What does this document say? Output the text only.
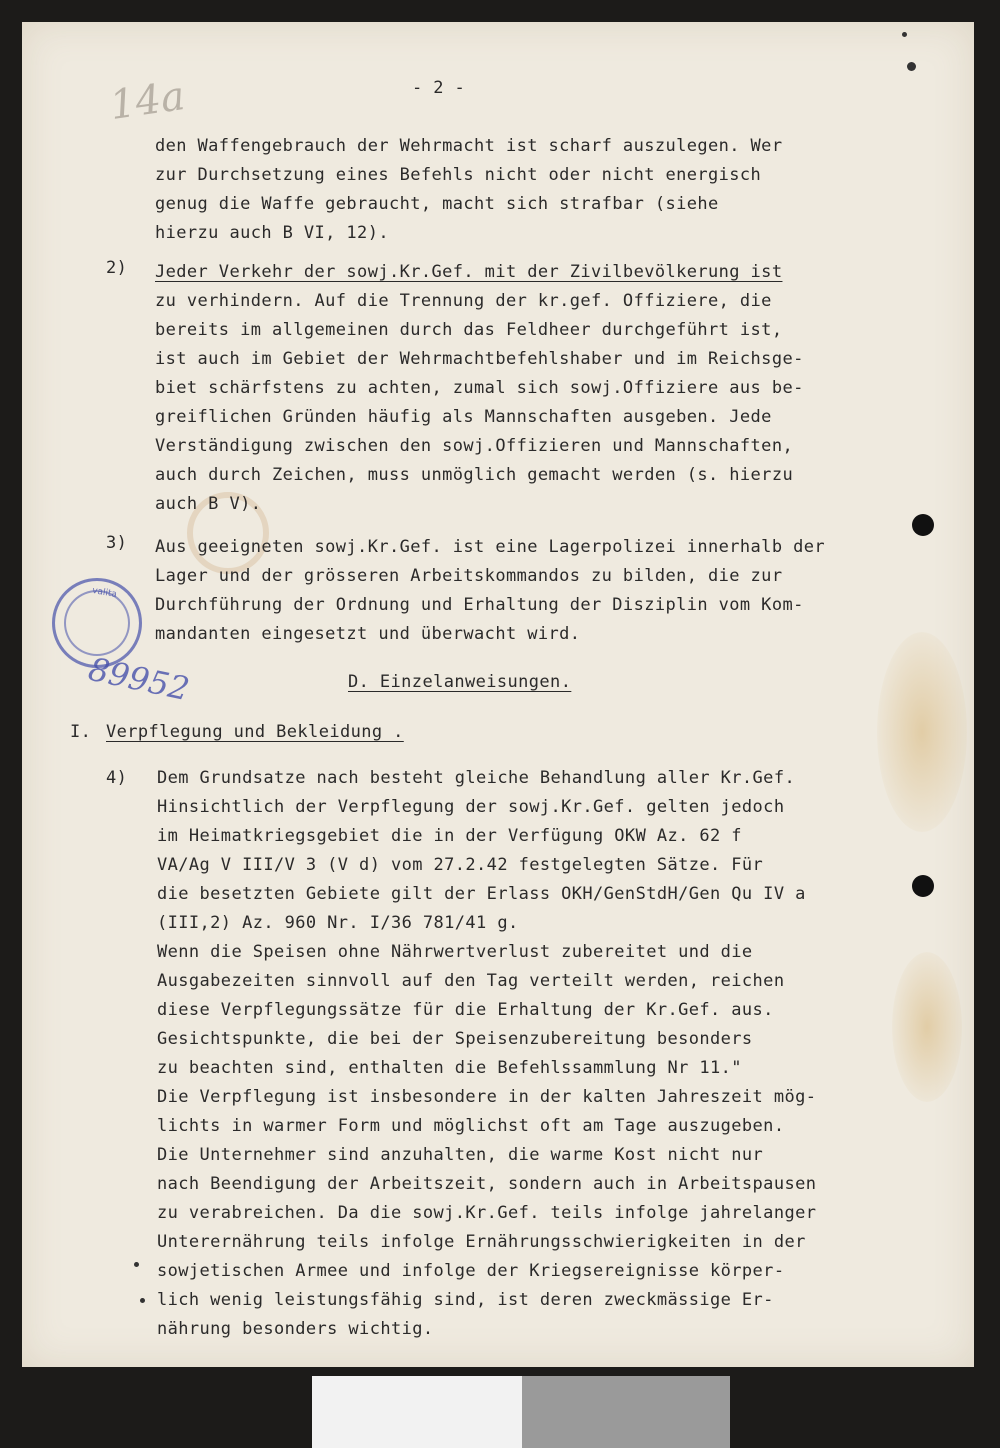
14a
valita
89952
- 2 -
den Waffengebrauch der Wehrmacht ist scharf auszulegen. Wer
zur Durchsetzung eines Befehls nicht oder nicht energisch
genug die Waffe gebraucht, macht sich strafbar (siehe
hierzu auch B VI, 12).
2) Jeder Verkehr der sowj.Kr.Gef. mit der Zivilbevölkerung ist
zu verhindern. Auf die Trennung der kr.gef. Offiziere, die
bereits im allgemeinen durch das Feldheer durchgeführt ist,
ist auch im Gebiet der Wehrmachtbefehlshaber und im Reichsge-
biet schärfstens zu achten, zumal sich sowj.Offiziere aus be-
greiflichen Gründen häufig als Mannschaften ausgeben. Jede
Verständigung zwischen den sowj.Offizieren und Mannschaften,
auch durch Zeichen, muss unmöglich gemacht werden (s. hierzu
auch B V).
3) Aus geeigneten sowj.Kr.Gef. ist eine Lagerpolizei innerhalb der
Lager und der grösseren Arbeitskommandos zu bilden, die zur
Durchführung der Ordnung und Erhaltung der Disziplin vom Kom-
mandanten eingesetzt und überwacht wird.
D. Einzelanweisungen.
I. Verpflegung und Bekleidung .
4) Dem Grundsatze nach besteht gleiche Behandlung aller Kr.Gef.
Hinsichtlich der Verpflegung der sowj.Kr.Gef. gelten jedoch
im Heimatkriegsgebiet die in der Verfügung OKW Az. 62 f
VA/Ag V III/V 3 (V d) vom 27.2.42 festgelegten Sätze. Für
die besetzten Gebiete gilt der Erlass OKH/GenStdH/Gen Qu IV a
(III,2) Az. 960 Nr. I/36 781/41 g.
Wenn die Speisen ohne Nährwertverlust zubereitet und die
Ausgabezeiten sinnvoll auf den Tag verteilt werden, reichen
diese Verpflegungssätze für die Erhaltung der Kr.Gef. aus.
Gesichtspunkte, die bei der Speisenzubereitung besonders
zu beachten sind, enthalten die Befehlssammlung Nr 11."
Die Verpflegung ist insbesondere in der kalten Jahreszeit mög-
lichts in warmer Form und möglichst oft am Tage auszugeben.
Die Unternehmer sind anzuhalten, die warme Kost nicht nur
nach Beendigung der Arbeitszeit, sondern auch in Arbeitspausen
zu verabreichen. Da die sowj.Kr.Gef. teils infolge jahrelanger
Unterernährung teils infolge Ernährungsschwierigkeiten in der
sowjetischen Armee und infolge der Kriegsereignisse körper-
lich wenig leistungsfähig sind, ist deren zweckmässige Er-
nährung besonders wichtig.
